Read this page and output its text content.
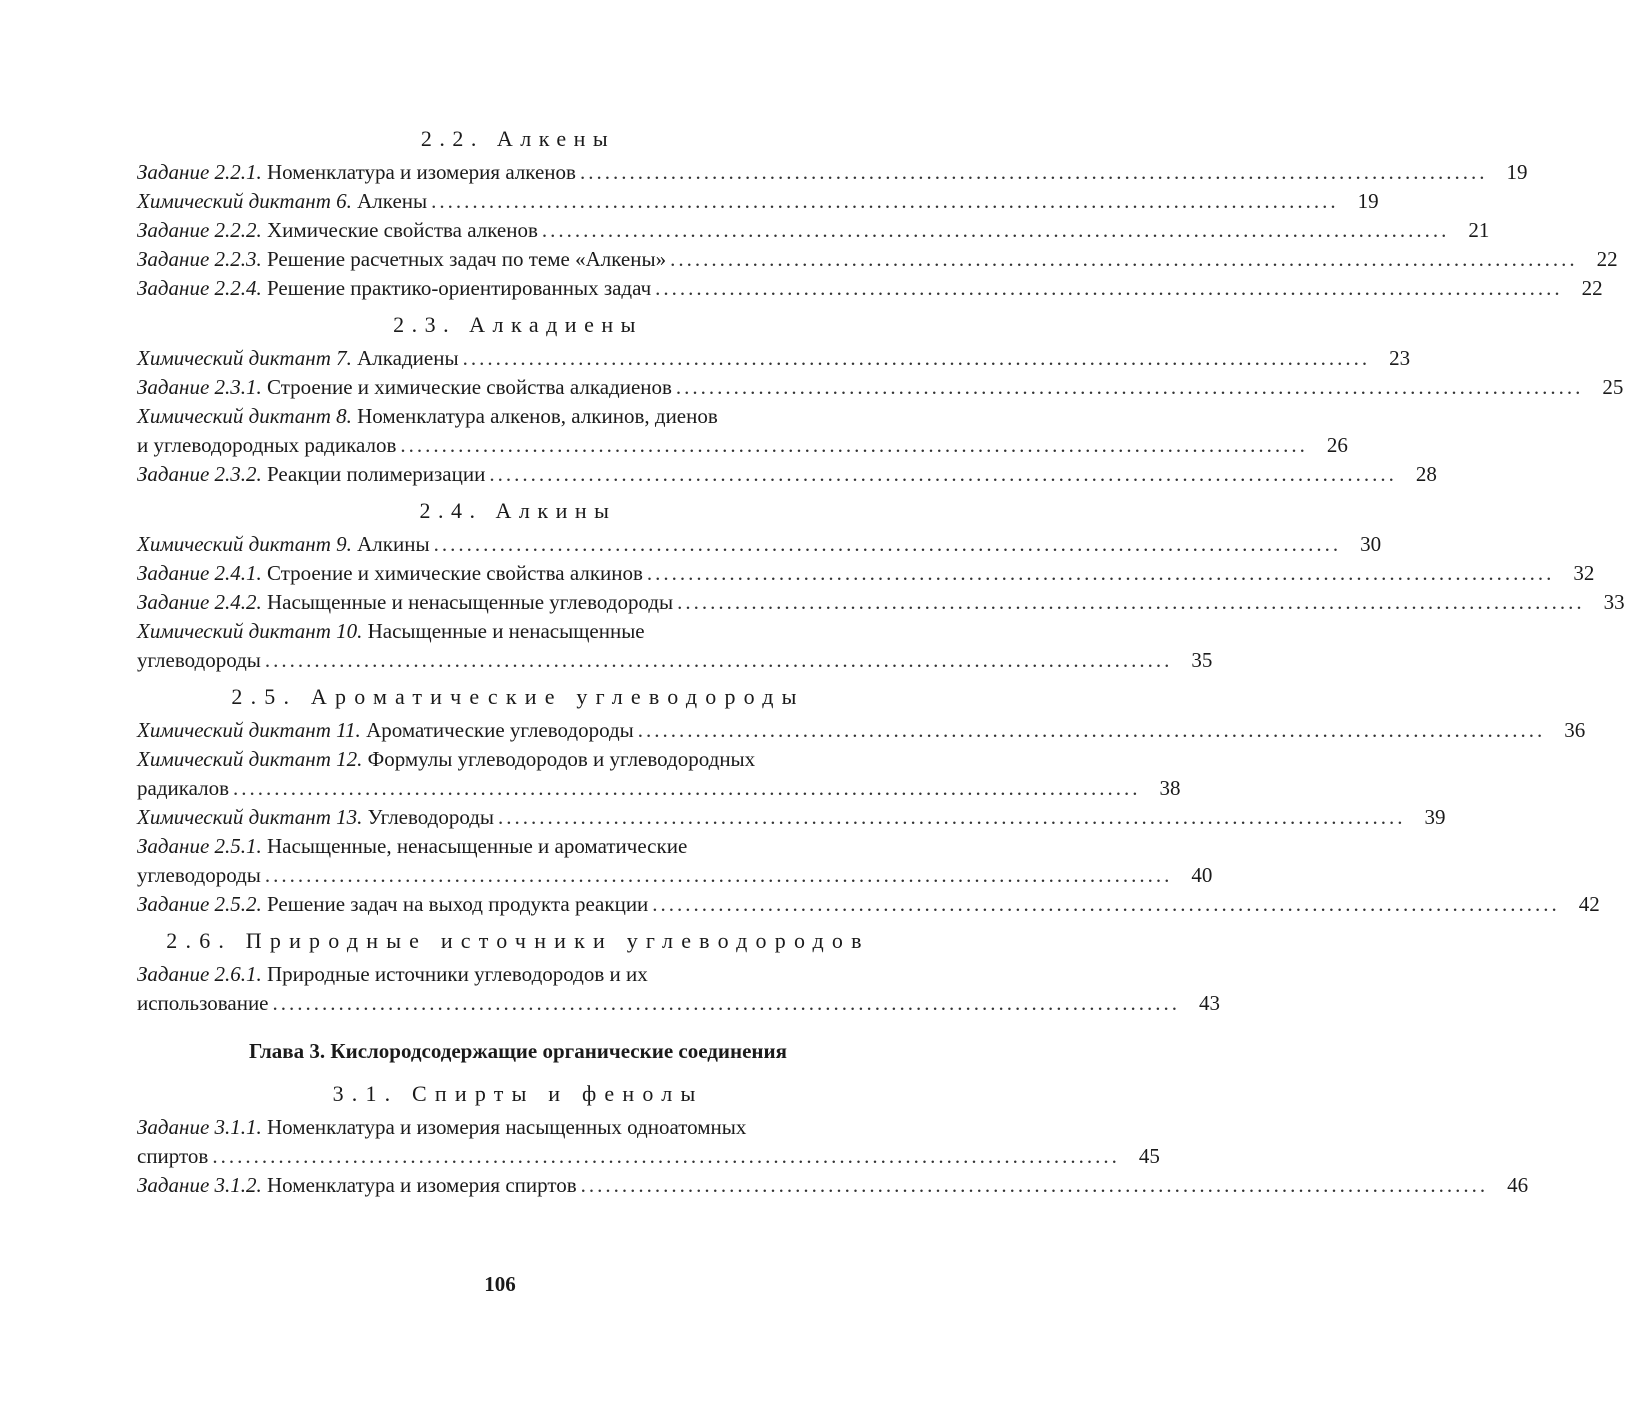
2.2. Алкены
Задание 2.2.1. Номенклатура и изомерия алкенов .............................................................................................................. 19
Химический диктант 6. Алкены .............................................................................................................. 19
Задание 2.2.2. Химические свойства алкенов .............................................................................................................. 21
Задание 2.2.3. Решение расчетных задач по теме «Алкены» .............................................................................................................. 22
Задание 2.2.4. Решение практико-ориентированных задач .............................................................................................................. 22
2.3. Алкадиены
Химический диктант 7. Алкадиены .............................................................................................................. 23
Задание 2.3.1. Строение и химические свойства алкадиенов .............................................................................................................. 25
Химический диктант 8. Номенклатура алкенов, алкинов, диенов
и углеводородных радикалов .............................................................................................................. 26
Задание 2.3.2. Реакции полимеризации .............................................................................................................. 28
2.4. Алкины
Химический диктант 9. Алкины .............................................................................................................. 30
Задание 2.4.1. Строение и химические свойства алкинов .............................................................................................................. 32
Задание 2.4.2. Насыщенные и ненасыщенные углеводороды .............................................................................................................. 33
Химический диктант 10. Насыщенные и ненасыщенные
углеводороды .............................................................................................................. 35
2.5. Ароматические углеводороды
Химический диктант 11. Ароматические углеводороды .............................................................................................................. 36
Химический диктант 12. Формулы углеводородов и углеводородных
радикалов .............................................................................................................. 38
Химический диктант 13. Углеводороды .............................................................................................................. 39
Задание 2.5.1. Насыщенные, ненасыщенные и ароматические
углеводороды .............................................................................................................. 40
Задание 2.5.2. Решение задач на выход продукта реакции .............................................................................................................. 42
2.6. Природные источники углеводородов
Задание 2.6.1. Природные источники углеводородов и их
использование .............................................................................................................. 43
Глава 3. Кислородсодержащие органические соединения
3.1. Спирты и фенолы
Задание 3.1.1. Номенклатура и изомерия насыщенных одноатомных
спиртов .............................................................................................................. 45
Задание 3.1.2. Номенклатура и изомерия спиртов .............................................................................................................. 46
106
